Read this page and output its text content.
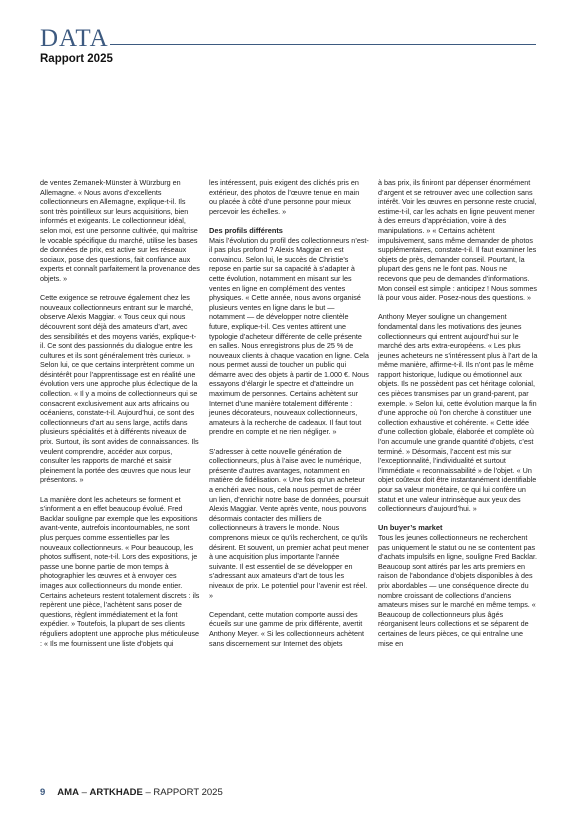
DATA
Rapport 2025

de ventes Zemanek-Münster à Würzburg en Allemagne. « Nous avons d’excellents collectionneurs en Allemagne, explique-t-il. Ils sont très pointilleux sur leurs acquisitions, bien informés et exigeants. Le collectionneur idéal, selon moi, est une personne cultivée, qui maîtrise le vocable spécifique du marché, utilise les bases de données de prix, est active sur les réseaux sociaux, pose des questions, fait confiance aux experts et connaît parfaitement la provenance des objets. »

Cette exigence se retrouve également chez les nouveaux collectionneurs entrant sur le marché, observe Alexis Maggiar. « Tous ceux qui nous découvrent sont déjà des amateurs d’art, avec des sensibilités et des moyens variés, explique-t-il. Ce sont des passionnés du dialogue entre les cultures et ils sont généralement très curieux. » Selon lui, ce que certains interprètent comme un désintérêt pour l’apprentissage est en réalité une évolution vers une approche plus éclectique de la collection. « Il y a moins de collectionneurs qui se consacrent exclusivement aux arts africains ou océaniens, constate-t-il. Aujourd’hui, ce sont des collectionneurs d’art au sens large, actifs dans plusieurs spécialités et à différents niveaux de prix. Surtout, ils sont avides de connaissances. Ils veulent comprendre, accéder aux corpus, consulter les rapports de marché et saisir pleinement la portée des œuvres que nous leur présentons. »

La manière dont les acheteurs se forment et s’informent a en effet beaucoup évolué. Fred Backlar souligne par exemple que les expositions avant-vente, autrefois incontournables, ne sont plus perçues comme essentielles par les nouveaux collectionneurs. « Pour beaucoup, les photos suffisent, note-t-il. Lors des expositions, je passe une bonne partie de mon temps à photographier les œuvres et à envoyer ces images aux collectionneurs du monde entier. Certains acheteurs restent totalement discrets : ils repèrent une pièce, l’achètent sans poser de questions, règlent immédiatement et la font expédier. » Toutefois, la plupart de ses clients réguliers adoptent une approche plus méticuleuse : « Ils me fournissent une liste d’objets qui

les intéressent, puis exigent des clichés pris en extérieur, des photos de l’œuvre tenue en main ou placée à côté d’une personne pour mieux percevoir les échelles. »

Des profils différents

Mais l’évolution du profil des collectionneurs n’est-il pas plus profond ? Alexis Maggiar en est convaincu. Selon lui, le succès de Christie’s repose en partie sur sa capacité à s’adapter à cette évolution, notamment en misant sur les ventes en ligne en complément des ventes physiques. « Cette année, nous avons organisé plusieurs ventes en ligne dans le but — notamment — de développer notre clientèle future, explique-t-il. Ces ventes attirent une typologie d’acheteur différente de celle présente en salles. Nous enregistrons plus de 25 % de nouveaux clients à chaque vacation en ligne. Cela nous permet aussi de toucher un public qui démarre avec des objets à partir de 1.000 €. Nous essayons d’élargir le spectre et d’atteindre un maximum de personnes. Certains achètent sur Internet d’une manière totalement différente : jeunes décorateurs, nouveaux collectionneurs, amateurs à la recherche de cadeaux. Il faut tout prendre en compte et ne rien négliger. »

S’adresser à cette nouvelle génération de collectionneurs, plus à l’aise avec le numérique, présente d’autres avantages, notamment en matière de fidélisation. « Une fois qu’un acheteur a enchéri avec nous, cela nous permet de créer un lien, d’enrichir notre base de données, poursuit Alexis Maggiar. Vente après vente, nous pouvons désormais contacter des milliers de collectionneurs à travers le monde. Nous comprenons mieux ce qu’ils recherchent, ce qu’ils désirent. Et souvent, un premier achat peut mener à une acquisition plus importante l’année suivante. Il est essentiel de se développer en s’adressant aux amateurs d’art de tous les niveaux de prix. Le potentiel pour l’avenir est réel. »

Cependant, cette mutation comporte aussi des écueils sur une gamme de prix différente, avertit Anthony Meyer. « Si les collectionneurs achètent sans discernement sur Internet des objets

à bas prix, ils finiront par dépenser énormément d’argent et se retrouver avec une collection sans intérêt. Voir les œuvres en personne reste crucial, estime-t-il, car les achats en ligne peuvent mener à des erreurs d’appréciation, voire à des manipulations. » « Certains achètent impulsivement, sans même demander de photos supplémentaires, constate-t-il. Il faut examiner les objets de près, demander conseil. Pourtant, la plupart des gens ne le font pas. Nous ne recevons que peu de demandes d’informations. Mon conseil est simple : anticipez ! Nous sommes là pour vous aider. Posez-nous des questions. »

Anthony Meyer souligne un changement fondamental dans les motivations des jeunes collectionneurs qui entrent aujourd’hui sur le marché des arts extra-européens. « Les plus jeunes acheteurs ne s’intéressent plus à l’art de la même manière, affirme-t-il. Ils n’ont pas le même rapport historique, ludique ou émotionnel aux objets. Ils ne possèdent pas cet héritage colonial, ces pièces transmises par un grand-parent, par exemple. » Selon lui, cette évolution marque la fin d’une approche où l’on cherche à constituer une collection exhaustive et cohérente. « Cette idée d’une collection globale, élaborée et complète où l’on accumule une grande quantité d’objets, c’est terminé. » Désormais, l’accent est mis sur l’exceptionnalité, l’individualité et surtout l’immédiate « reconnaissabilité » de l’objet. « Un objet coûteux doit être instantanément identifiable pour sa valeur monétaire, ce qui lui confère un statut et une valeur intrinsèque aux yeux des collectionneurs d’aujourd’hui. »

Un buyer’s market

Tous les jeunes collectionneurs ne recherchent pas uniquement le statut ou ne se contentent pas d’achats impulsifs en ligne, souligne Fred Backlar. Beaucoup sont attirés par les arts premiers en raison de l’abondance d’objets disponibles à des prix abordables — une conséquence directe du nombre croissant de collections d’anciens amateurs mises sur le marché en même temps. « Beaucoup de collectionneurs plus âgés réorganisent leurs collections et se séparent de certaines de leurs pièces, ce qui entraîne une mise en

9 AMA – ARTKHADE – RAPPORT 2025
